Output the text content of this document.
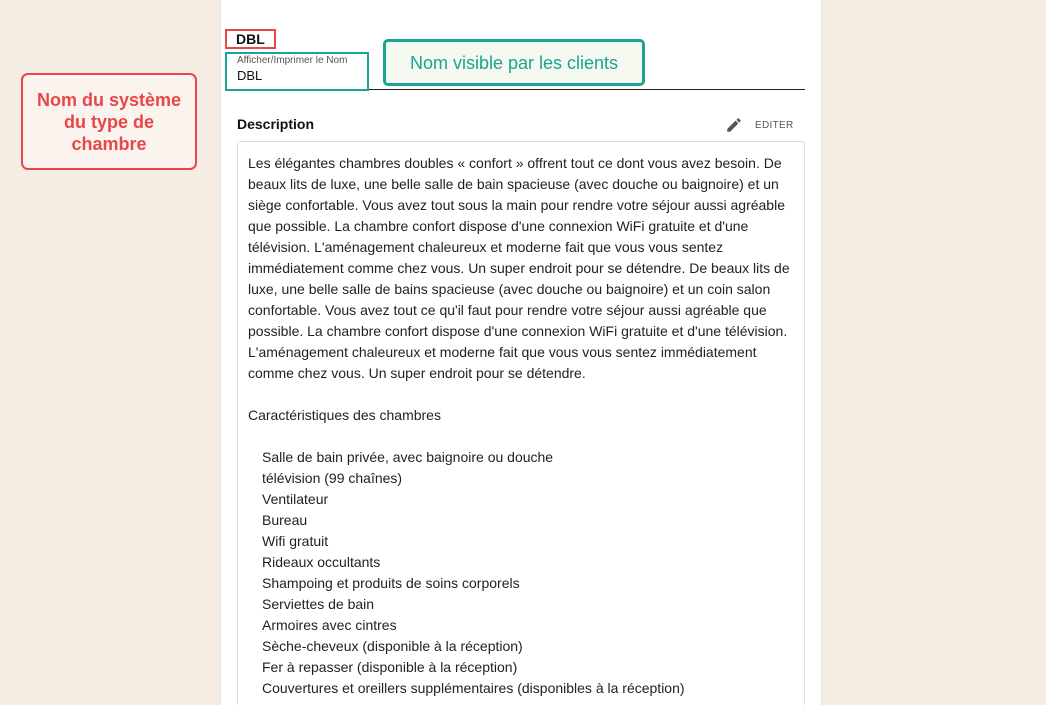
DBL
Afficher/Imprimer le Nom
DBL	Nom visible par les clients
Nom du système du type de chambre
Description	EDITER

Les élégantes chambres doubles « confort » offrent tout ce dont vous avez besoin. De beaux lits de luxe, une belle salle de bain spacieuse (avec douche ou baignoire) et un siège confortable. Vous avez tout sous la main pour rendre votre séjour aussi agréable que possible. La chambre confort dispose d'une connexion WiFi gratuite et d'une télévision. L'aménagement chaleureux et moderne fait que vous vous sentez immédiatement comme chez vous. Un super endroit pour se détendre. De beaux lits de luxe, une belle salle de bains spacieuse (avec douche ou baignoire) et un coin salon confortable. Vous avez tout ce qu'il faut pour rendre votre séjour aussi agréable que possible. La chambre confort dispose d'une connexion WiFi gratuite et d'une télévision. L'aménagement chaleureux et moderne fait que vous vous sentez immédiatement comme chez vous. Un super endroit pour se détendre.

Caractéristiques des chambres

Salle de bain privée, avec baignoire ou douche
télévision (99 chaînes)
Ventilateur
Bureau
Wifi gratuit
Rideaux occultants
Shampoing et produits de soins corporels
Serviettes de bain
Armoires avec cintres
Sèche-cheveux (disponible à la réception)
Fer à repasser (disponible à la réception)
Couvertures et oreillers supplémentaires (disponibles à la réception)
